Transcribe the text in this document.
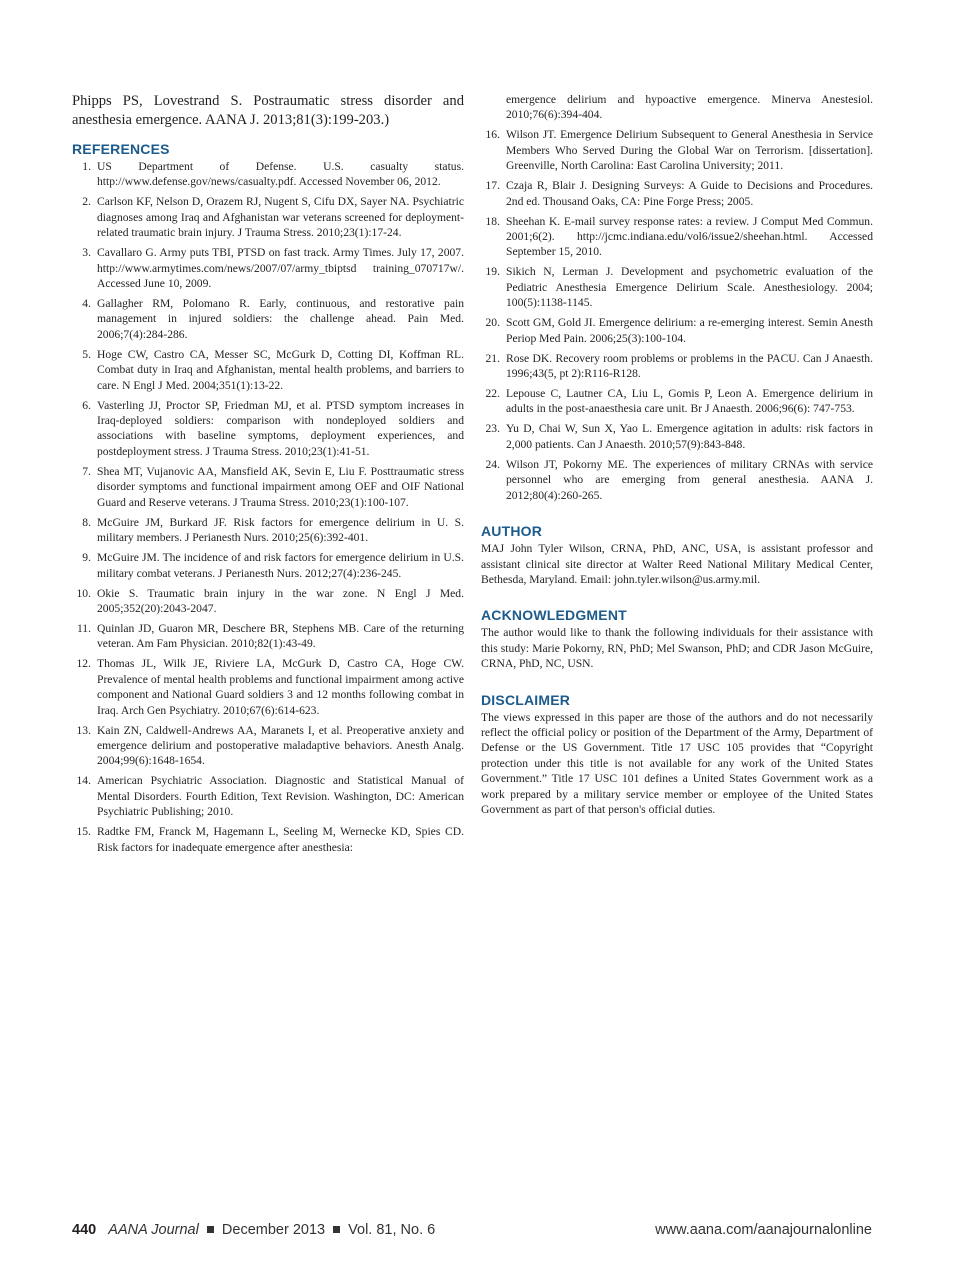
Phipps PS, Lovestrand S. Postraumatic stress disorder and anesthesia emergence. AANA J. 2013;81(3):199-203.)

REFERENCES
1. US Department of Defense. U.S. casualty status. http://www.defense.gov/news/casualty.pdf. Accessed November 06, 2012.
2. Carlson KF, Nelson D, Orazem RJ, Nugent S, Cifu DX, Sayer NA. Psychiatric diagnoses among Iraq and Afghanistan war veterans screened for deployment-related traumatic brain injury. J Trauma Stress. 2010;23(1):17-24.
3. Cavallaro G. Army puts TBI, PTSD on fast track. Army Times. July 17, 2007. http://www.armytimes.com/news/2007/07/army_tbiptsd training_070717w/. Accessed June 10, 2009.
4. Gallagher RM, Polomano R. Early, continuous, and restorative pain management in injured soldiers: the challenge ahead. Pain Med. 2006;7(4):284-286.
5. Hoge CW, Castro CA, Messer SC, McGurk D, Cotting DI, Koffman RL. Combat duty in Iraq and Afghanistan, mental health problems, and barriers to care. N Engl J Med. 2004;351(1):13-22.
6. Vasterling JJ, Proctor SP, Friedman MJ, et al. PTSD symptom increases in Iraq-deployed soldiers: comparison with nondeployed soldiers and associations with baseline symptoms, deployment experiences, and postdeployment stress. J Trauma Stress. 2010;23(1):41-51.
7. Shea MT, Vujanovic AA, Mansfield AK, Sevin E, Liu F. Posttraumatic stress disorder symptoms and functional impairment among OEF and OIF National Guard and Reserve veterans. J Trauma Stress. 2010;23(1):100-107.
8. McGuire JM, Burkard JF. Risk factors for emergence delirium in U. S. military members. J Perianesth Nurs. 2010;25(6):392-401.
9. McGuire JM. The incidence of and risk factors for emergence delirium in U.S. military combat veterans. J Perianesth Nurs. 2012;27(4):236-245.
10. Okie S. Traumatic brain injury in the war zone. N Engl J Med. 2005;352(20):2043-2047.
11. Quinlan JD, Guaron MR, Deschere BR, Stephens MB. Care of the returning veteran. Am Fam Physician. 2010;82(1):43-49.
12. Thomas JL, Wilk JE, Riviere LA, McGurk D, Castro CA, Hoge CW. Prevalence of mental health problems and functional impairment among active component and National Guard soldiers 3 and 12 months following combat in Iraq. Arch Gen Psychiatry. 2010;67(6):614-623.
13. Kain ZN, Caldwell-Andrews AA, Maranets I, et al. Preoperative anxiety and emergence delirium and postoperative maladaptive behaviors. Anesth Analg. 2004;99(6):1648-1654.
14. American Psychiatric Association. Diagnostic and Statistical Manual of Mental Disorders. Fourth Edition, Text Revision. Washington, DC: American Psychiatric Publishing; 2010.
15. Radtke FM, Franck M, Hagemann L, Seeling M, Wernecke KD, Spies CD. Risk factors for inadequate emergence after anesthesia:

emergence delirium and hypoactive emergence. Minerva Anestesiol. 2010;76(6):394-404.

16. Wilson JT. Emergence Delirium Subsequent to General Anesthesia in Service Members Who Served During the Global War on Terrorism. [dissertation]. Greenville, North Carolina: East Carolina University; 2011.
17. Czaja R, Blair J. Designing Surveys: A Guide to Decisions and Procedures. 2nd ed. Thousand Oaks, CA: Pine Forge Press; 2005.
18. Sheehan K. E-mail survey response rates: a review. J Comput Med Commun. 2001;6(2). http://jcmc.indiana.edu/vol6/issue2/sheehan.html. Accessed September 15, 2010.
19. Sikich N, Lerman J. Development and psychometric evaluation of the Pediatric Anesthesia Emergence Delirium Scale. Anesthesiology. 2004; 100(5):1138-1145.
20. Scott GM, Gold JI. Emergence delirium: a re-emerging interest. Semin Anesth Periop Med Pain. 2006;25(3):100-104.
21. Rose DK. Recovery room problems or problems in the PACU. Can J Anaesth. 1996;43(5, pt 2):R116-R128.
22. Lepouse C, Lautner CA, Liu L, Gomis P, Leon A. Emergence delirium in adults in the post-anaesthesia care unit. Br J Anaesth. 2006;96(6): 747-753.
23. Yu D, Chai W, Sun X, Yao L. Emergence agitation in adults: risk factors in 2,000 patients. Can J Anaesth. 2010;57(9):843-848.
24. Wilson JT, Pokorny ME. The experiences of military CRNAs with service personnel who are emerging from general anesthesia. AANA J. 2012;80(4):260-265.
AUTHOR

MAJ John Tyler Wilson, CRNA, PhD, ANC, USA, is assistant professor and assistant clinical site director at Walter Reed National Military Medical Center, Bethesda, Maryland. Email: john.tyler.wilson@us.army.mil.

ACKNOWLEDGMENT

The author would like to thank the following individuals for their assistance with this study: Marie Pokorny, RN, PhD; Mel Swanson, PhD; and CDR Jason McGuire, CRNA, PhD, NC, USN.

DISCLAIMER

The views expressed in this paper are those of the authors and do not necessarily reflect the official policy or position of the Department of the Army, Department of Defense or the US Government. Title 17 USC 105 provides that “Copyright protection under this title is not available for any work of the United States Government.” Title 17 USC 101 defines a United States Government work as a work prepared by a military service member or employee of the United States Government as part of that person's official duties.

440 AANA Journal December 2013 Vol. 81, No. 6	www.aana.com/aanajournalonline
